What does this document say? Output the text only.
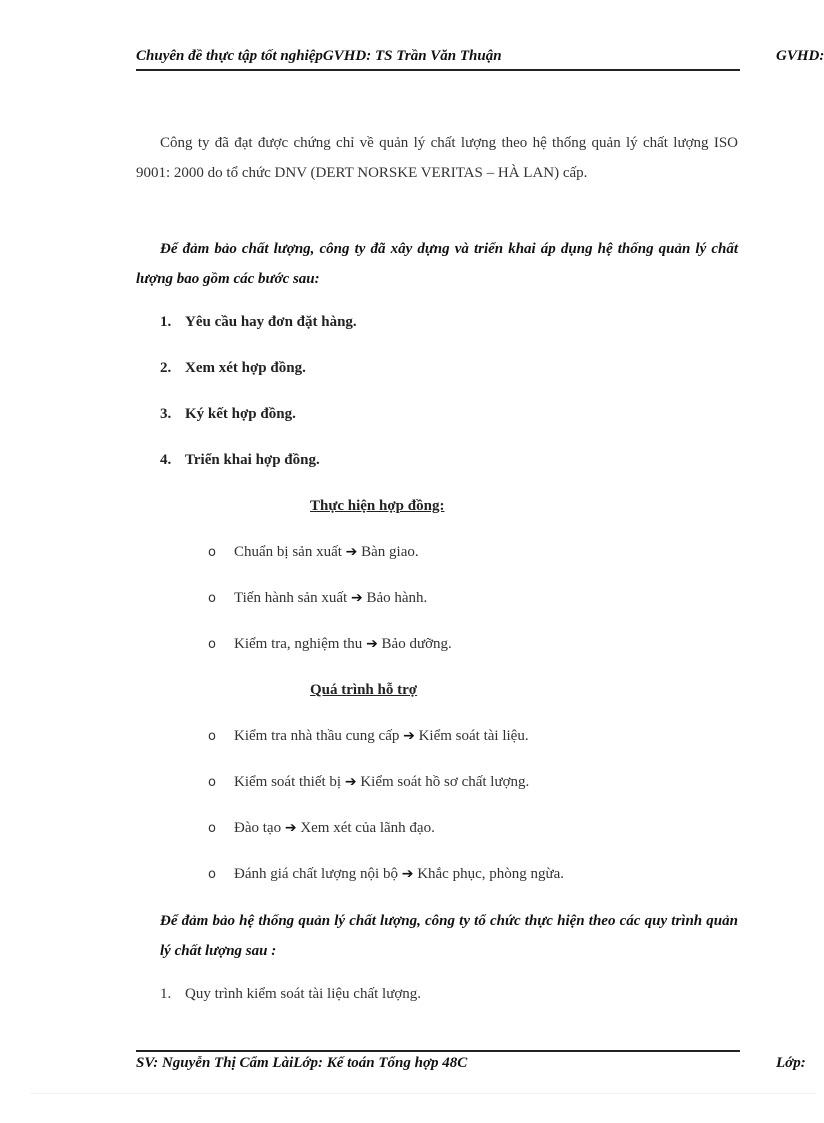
Chuyên đề thực tập tốt nghiệpGVHD: TS Trần Văn Thuận	GVHD:
Công ty đã đạt được chứng chỉ về quản lý chất lượng theo hệ thống quản lý chất lượng ISO 9001: 2000 do tổ chức DNV (DERT NORSKE VERITAS – HÀ LAN) cấp.
Để đảm bảo chất lượng, công ty đã xây dựng và triển khai áp dụng hệ thống quản lý chất lượng bao gồm các bước sau:
1. Yêu cầu hay đơn đặt hàng.
2. Xem xét hợp đồng.
3. Ký kết hợp đồng.
4. Triển khai hợp đồng.
Thực hiện hợp đồng:
o Chuẩn bị sản xuất ➔ Bàn giao.
o Tiến hành sản xuất ➔ Bảo hành.
o Kiểm tra, nghiệm thu ➔ Bảo dưỡng.
Quá trình hỗ trợ
o Kiểm tra nhà thầu cung cấp ➔ Kiểm soát tài liệu.
o Kiểm soát thiết bị ➔ Kiểm soát hồ sơ chất lượng.
o Đào tạo ➔ Xem xét của lãnh đạo.
o Đánh giá chất lượng nội bộ ➔ Khắc phục, phòng ngừa.
Để đảm bảo hệ thống quản lý chất lượng, công ty tổ chức thực hiện theo các quy trình quản lý chất lượng sau :
1. Quy trình kiểm soát tài liệu chất lượng.
SV: Nguyễn Thị Cẩm LàiLớp: Kế toán Tổng hợp 48C	Lớp:
